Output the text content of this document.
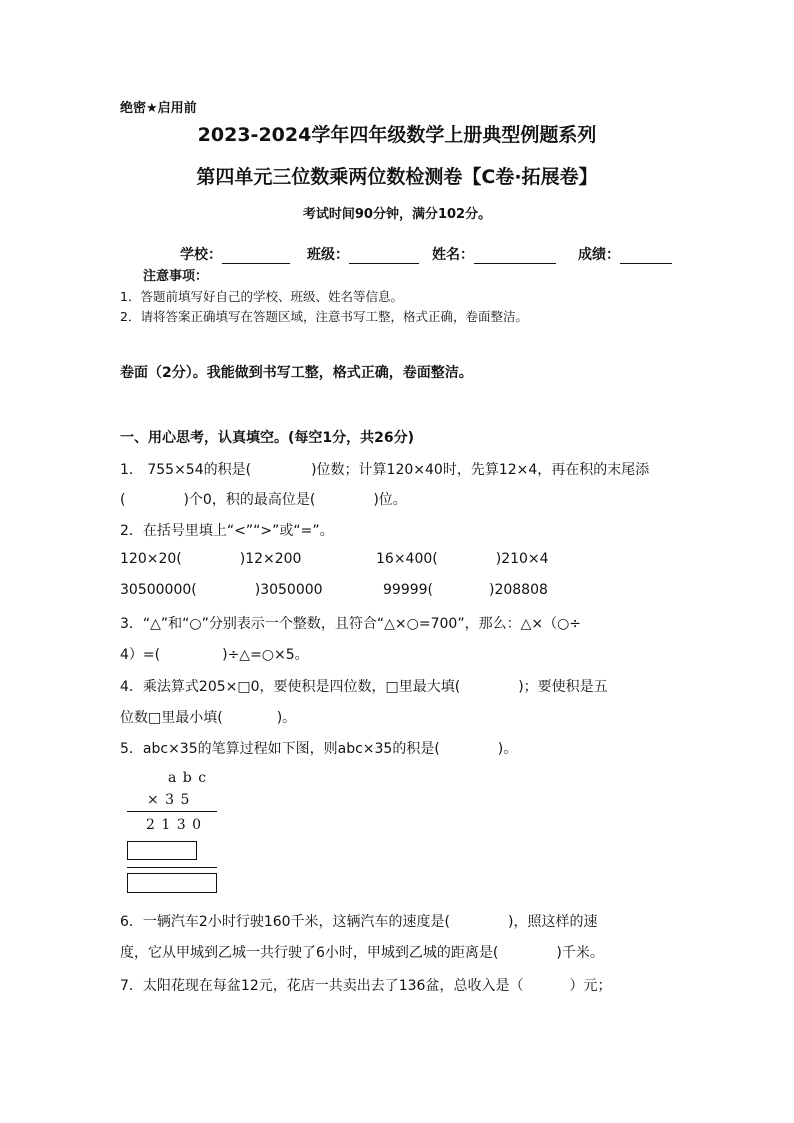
绝密★启用前
2023-2024学年四年级数学上册典型例题系列
第四单元三位数乘两位数检测卷【C卷·拓展卷】
考试时间90分钟，满分102分。
学校：	班级：	姓名：	成绩：
注意事项：
1．答题前填写好自己的学校、班级、姓名等信息。
2．请将答案正确填写在答题区域，注意书写工整，格式正确，卷面整洁。
卷面（2分）。我能做到书写工整，格式正确，卷面整洁。
一、用心思考，认真填空。(每空1分，共26分)
1． 755×54的积是(	)位数；计算120×40时，先算12×4，再在积的末尾添
(	)个0，积的最高位是(	)位。
2．在括号里填上“<”“>”或“=”。
120×20(	)12×200	16×400(	)210×4
30500000(	)3050000	99999(	)208808
3．“△”和“○”分别表示一个整数，且符合“△×○=700”，那么：△×（○÷
4）=(	)÷△=○×5。
4．乘法算式205×□0，要使积是四位数，□里最大填(	)；要使积是五
位数□里最小填(	)。
5．abc×35的笔算过程如下图，则abc×35的积是(	)。
a b c
× 3 5
2 1 3 0
6．一辆汽车2小时行驶160千米，这辆汽车的速度是(	)，照这样的速
度，它从甲城到乙城一共行驶了6小时，甲城到乙城的距离是(	)千米。
7．太阳花现在每盆12元，花店一共卖出去了136盆，总收入是（	）元；
